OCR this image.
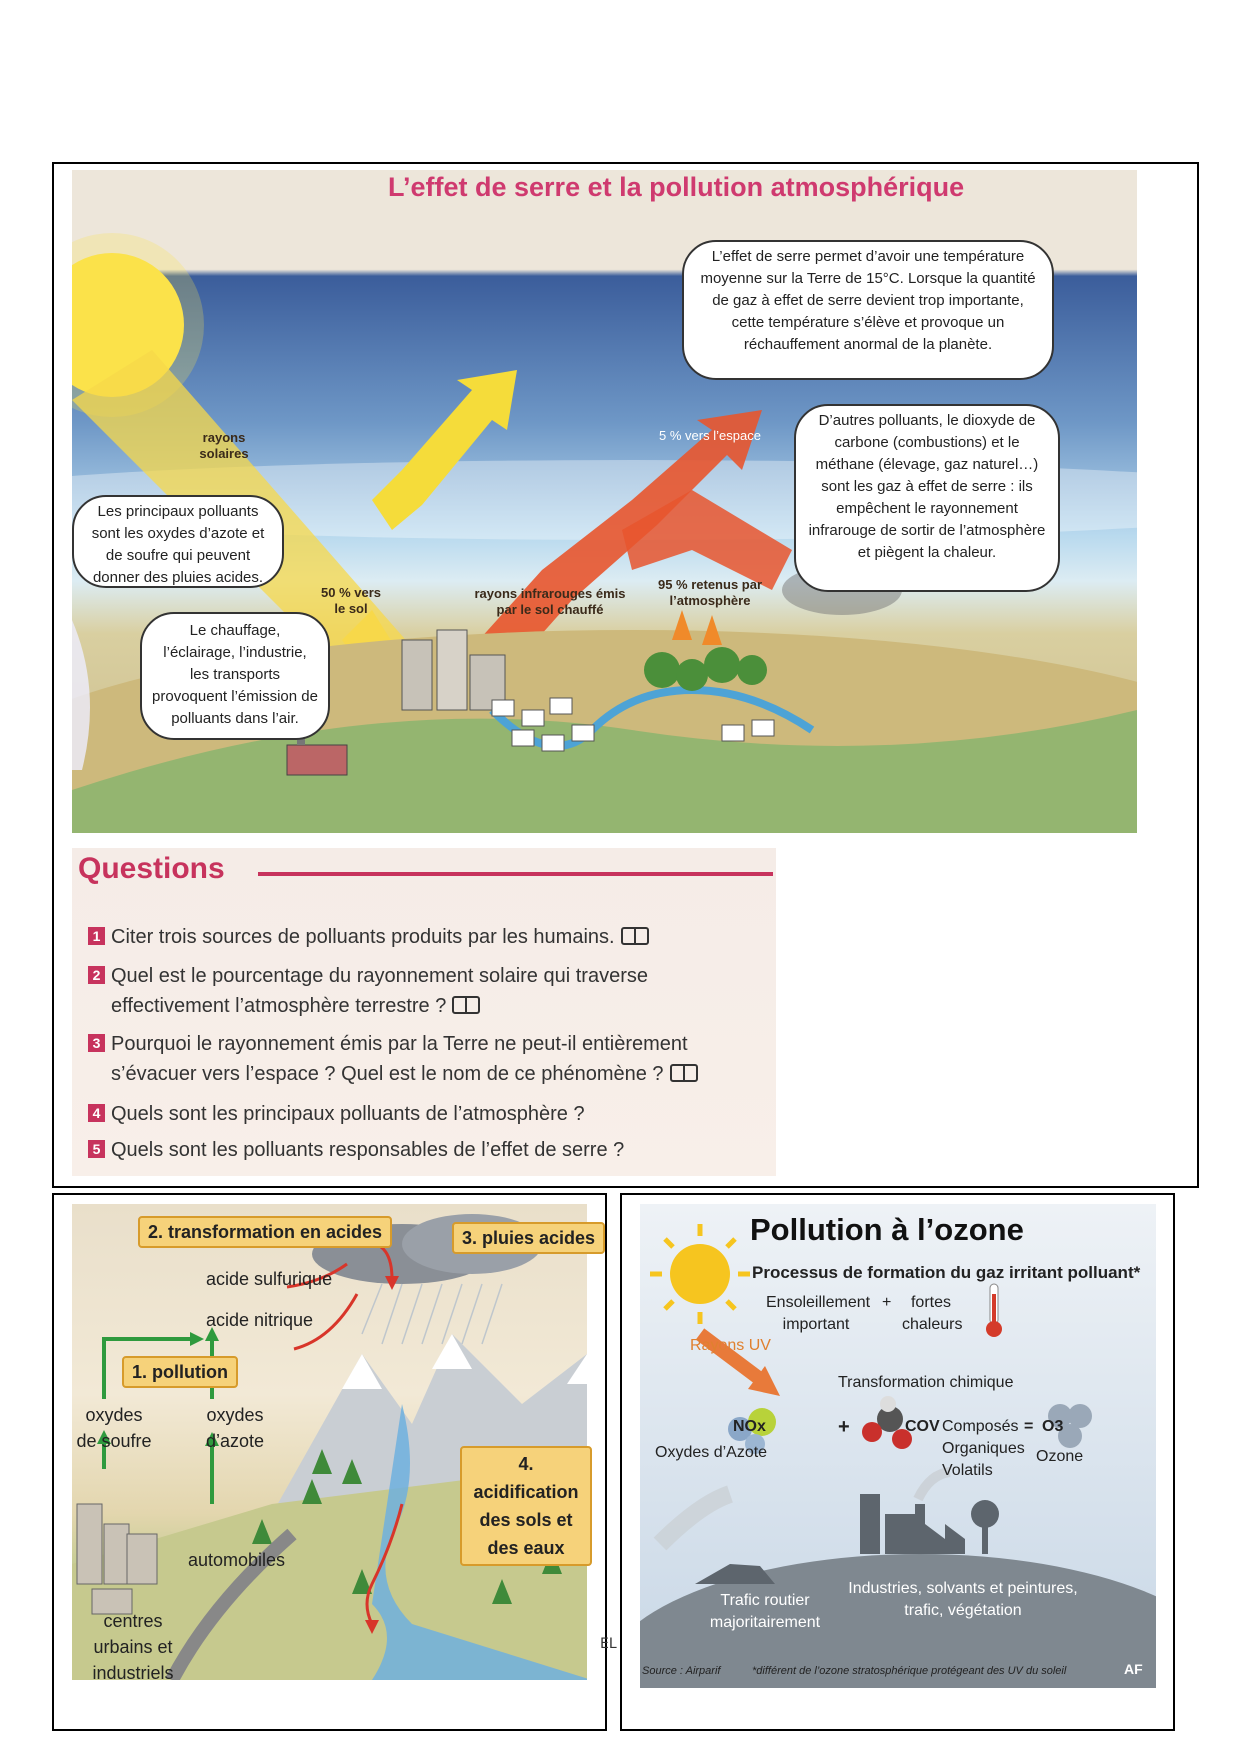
L’effet de serre et la pollution atmosphérique
L’effet de serre permet d’avoir une température moyenne sur la Terre de 15°C. Lorsque la quantité de gaz à effet de serre devient trop importante, cette température s’élève et provoque un réchauffement anormal de la planète.
D’autres polluants, le dioxyde de carbone (combustions) et le méthane (élevage, gaz naturel…) sont les gaz à effet de serre : ils empêchent le rayonnement infrarouge de sortir de l’atmosphère et piègent la chaleur.
Les principaux polluants sont les oxydes d’azote et de soufre qui peuvent donner des pluies acides.
Le chauffage, l’éclairage, l’industrie, les transports provoquent l’émission de polluants dans l’air.
rayons solaires
5 % vers l’espace
50 % vers le sol
rayons infrarouges émis par le sol chauffé
95 % retenus par l’atmosphère
Questions
1 Citer trois sources de polluants produits par les humains.
2 Quel est le pourcentage du rayonnement solaire qui traverse
effectivement l’atmosphère terrestre ?
3 Pourquoi le rayonnement émis par la Terre ne peut-il entièrement
s’évacuer vers l’espace ? Quel est le nom de ce phénomène ?
4 Quels sont les principaux polluants de l’atmosphère ?
5 Quels sont les polluants responsables de l’effet de serre ?
2. transformation en acides	3. pluies acides
1. pollution
4. acidification des sols et des eaux
acide sulfurique
acide nitrique
oxydes de soufre
oxydes d’azote
automobiles
centres urbains et industriels
Pollution à l’ozone
Processus de formation du gaz irritant polluant*
Ensoleillement important
+	fortes chaleurs
Rayons UV
Transformation chimique
NOx
Oxydes d’Azote
+	COV Composés Organiques Volatils
= O3
Ozone
Trafic routier majoritairement
Industries, solvants et peintures, trafic, végétation
Source : Airparif	*différent de l’ozone stratosphérique protégeant des UV du soleil	AF
EL
